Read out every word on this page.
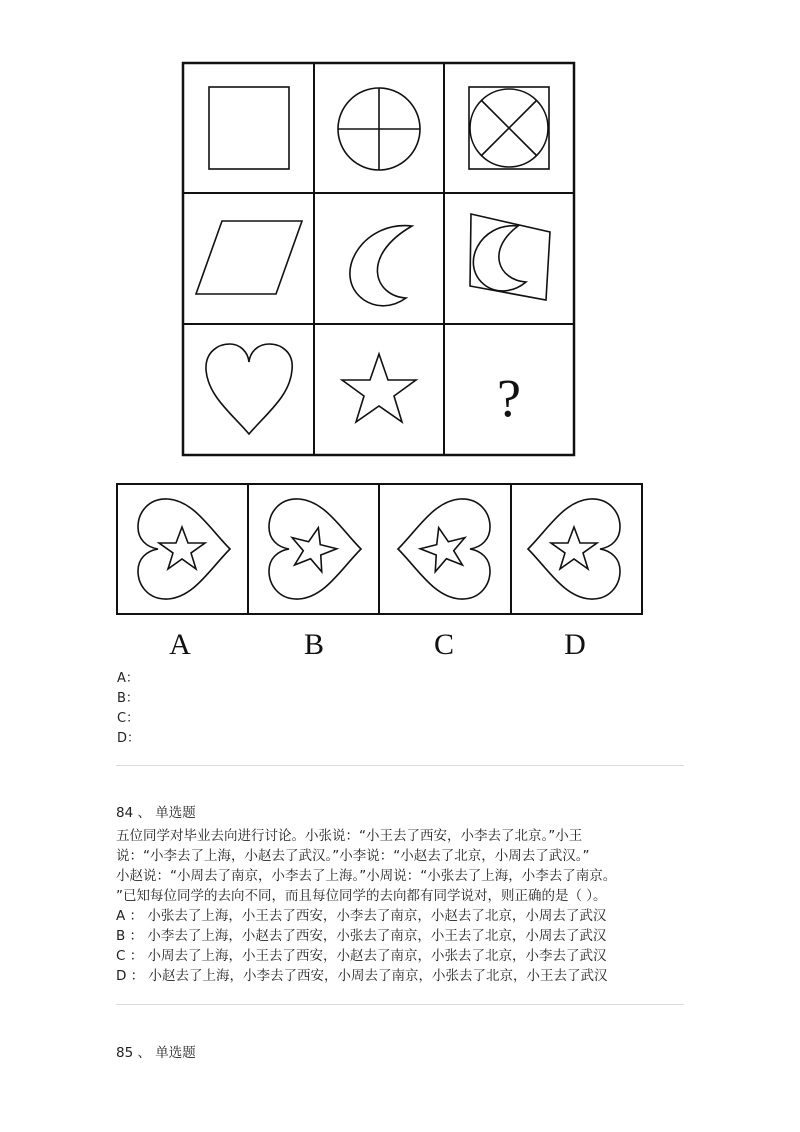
?
A	B	C	D
A：
B：
C：
D：
84 、 单选题

五位同学对毕业去向进行讨论。小张说：“小王去了西安，小李去了北京。”小王

说：“小李去了上海，小赵去了武汉。”小李说：“小赵去了北京，小周去了武汉。”

小赵说：“小周去了南京，小李去了上海。”小周说：“小张去了上海，小李去了南京。

”已知每位同学的去向不同，而且每位同学的去向都有同学说对，则正确的是（ ）。

A ： 小张去了上海，小王去了西安，小李去了南京，小赵去了北京，小周去了武汉

B ： 小李去了上海，小赵去了西安，小张去了南京，小王去了北京，小周去了武汉

C ： 小周去了上海，小王去了西安，小赵去了南京，小张去了北京，小李去了武汉

D ： 小赵去了上海，小李去了西安，小周去了南京，小张去了北京，小王去了武汉

85 、 单选题
